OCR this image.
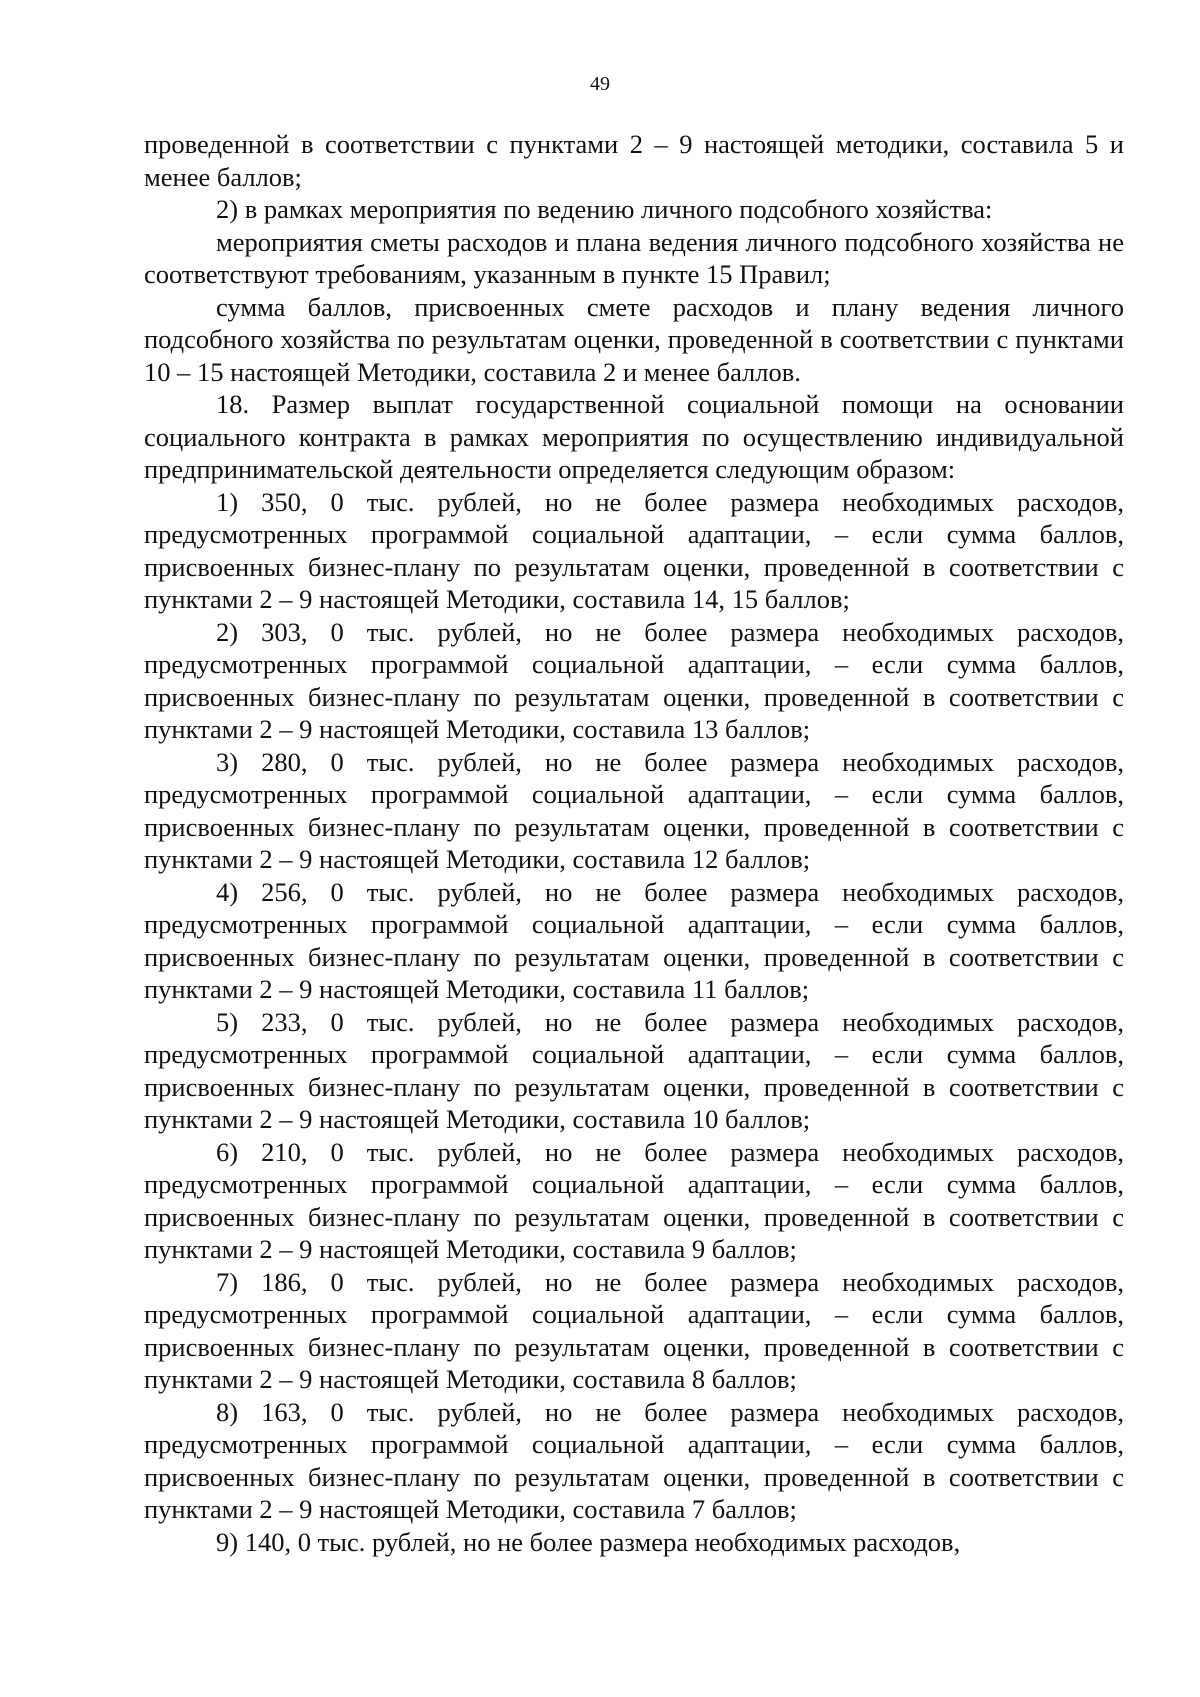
49

проведенной в соответствии с пунктами 2 – 9 настоящей методики, составила 5 и менее баллов;

2) в рамках мероприятия по ведению личного подсобного хозяйства:

мероприятия сметы расходов и плана ведения личного подсобного хозяйства не соответствуют требованиям, указанным в пункте 15 Правил;

сумма баллов, присвоенных смете расходов и плану ведения личного подсобного хозяйства по результатам оценки, проведенной в соответствии с пунктами 10 – 15 настоящей Методики, составила 2 и менее баллов.

18. Размер выплат государственной социальной помощи на основании социального контракта в рамках мероприятия по осуществлению индивидуальной предпринимательской деятельности определяется следующим образом:

1) 350, 0 тыс. рублей, но не более размера необходимых расходов, предусмотренных программой социальной адаптации, – если сумма баллов, присвоенных бизнес-плану по результатам оценки, проведенной в соответствии с пунктами 2 – 9 настоящей Методики, составила 14, 15 баллов;

2) 303, 0 тыс. рублей, но не более размера необходимых расходов, предусмотренных программой социальной адаптации, – если сумма баллов, присвоенных бизнес-плану по результатам оценки, проведенной в соответствии с пунктами 2 – 9 настоящей Методики, составила 13 баллов;

3) 280, 0 тыс. рублей, но не более размера необходимых расходов, предусмотренных программой социальной адаптации, – если сумма баллов, присвоенных бизнес-плану по результатам оценки, проведенной в соответствии с пунктами 2 – 9 настоящей Методики, составила 12 баллов;

4) 256, 0 тыс. рублей, но не более размера необходимых расходов, предусмотренных программой социальной адаптации, – если сумма баллов, присвоенных бизнес-плану по результатам оценки, проведенной в соответствии с пунктами 2 – 9 настоящей Методики, составила 11 баллов;

5) 233, 0 тыс. рублей, но не более размера необходимых расходов, предусмотренных программой социальной адаптации, – если сумма баллов, присвоенных бизнес-плану по результатам оценки, проведенной в соответствии с пунктами 2 – 9 настоящей Методики, составила 10 баллов;

6) 210, 0 тыс. рублей, но не более размера необходимых расходов, предусмотренных программой социальной адаптации, – если сумма баллов, присвоенных бизнес-плану по результатам оценки, проведенной в соответствии с пунктами 2 – 9 настоящей Методики, составила 9 баллов;

7) 186, 0 тыс. рублей, но не более размера необходимых расходов, предусмотренных программой социальной адаптации, – если сумма баллов, присвоенных бизнес-плану по результатам оценки, проведенной в соответствии с пунктами 2 – 9 настоящей Методики, составила 8 баллов;

8) 163, 0 тыс. рублей, но не более размера необходимых расходов, предусмотренных программой социальной адаптации, – если сумма баллов, присвоенных бизнес-плану по результатам оценки, проведенной в соответствии с пунктами 2 – 9 настоящей Методики, составила 7 баллов;

9) 140, 0 тыс. рублей, но не более размера необходимых расходов,
